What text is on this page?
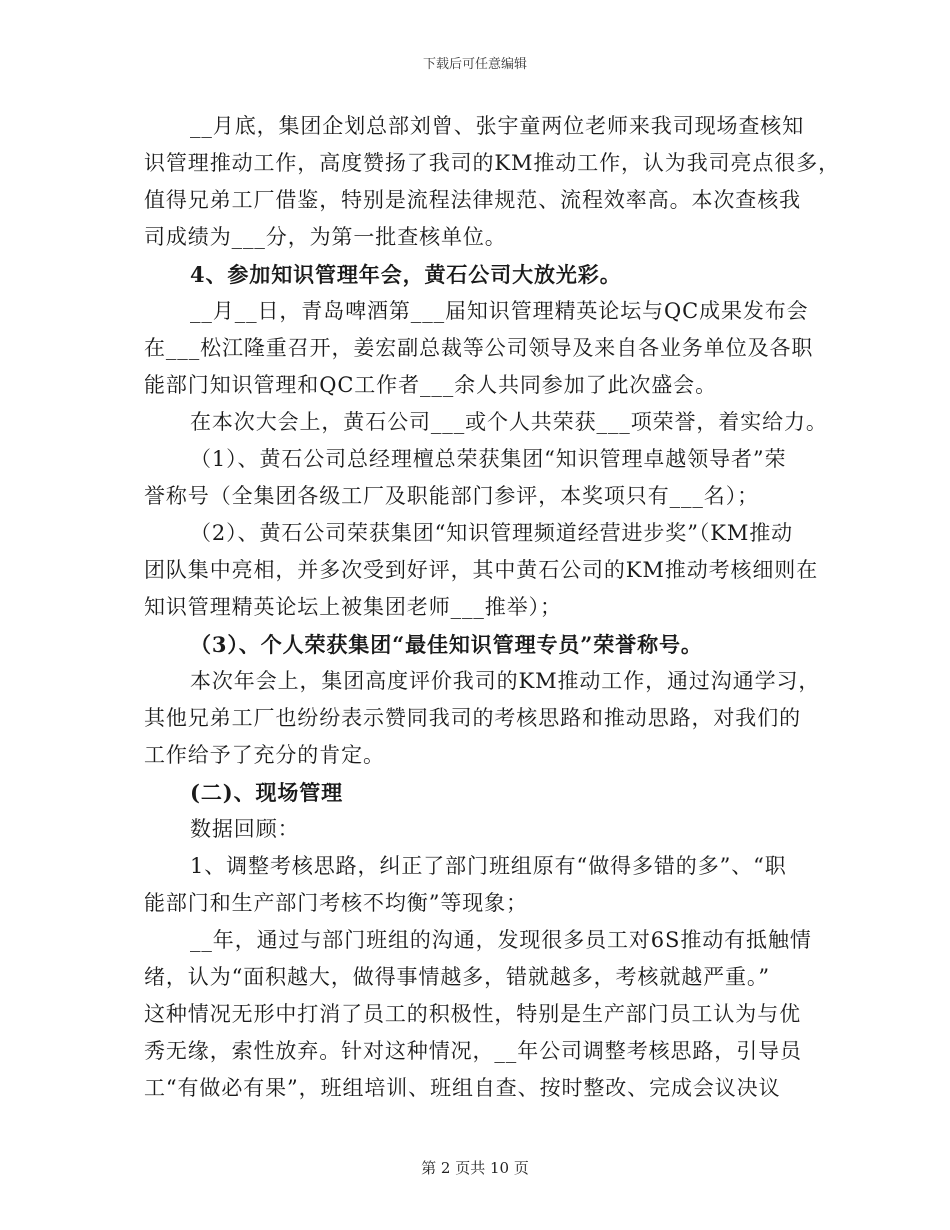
下载后可任意编辑
__月底，集团企划总部刘曾、张宇童两位老师来我司现场查核知
识管理推动工作，高度赞扬了我司的KM推动工作，认为我司亮点很多，
值得兄弟工厂借鉴，特别是流程法律规范、流程效率高。本次查核我
司成绩为___分，为第一批查核单位。
4、参加知识管理年会，黄石公司大放光彩。
__月__日，青岛啤酒第___届知识管理精英论坛与QC成果发布会
在___松江隆重召开，姜宏副总裁等公司领导及来自各业务单位及各职
能部门知识管理和QC工作者___余人共同参加了此次盛会。
在本次大会上，黄石公司___或个人共荣获___项荣誉，着实给力。
（1）、黄石公司总经理檀总荣获集团“知识管理卓越领导者”荣
誉称号（全集团各级工厂及职能部门参评，本奖项只有___名）；
（2）、黄石公司荣获集团“知识管理频道经营进步奖”（KM推动
团队集中亮相，并多次受到好评，其中黄石公司的KM推动考核细则在
知识管理精英论坛上被集团老师___推举）；
（3）、个人荣获集团“最佳知识管理专员”荣誉称号。
本次年会上，集团高度评价我司的KM推动工作，通过沟通学习，
其他兄弟工厂也纷纷表示赞同我司的考核思路和推动思路，对我们的
工作给予了充分的肯定。
(二)、现场管理
数据回顾：
1、调整考核思路，纠正了部门班组原有“做得多错的多”、“职
能部门和生产部门考核不均衡”等现象；
__年，通过与部门班组的沟通，发现很多员工对6S推动有抵触情
绪，认为“面积越大，做得事情越多，错就越多，考核就越严重。”
这种情况无形中打消了员工的积极性，特别是生产部门员工认为与优
秀无缘，索性放弃。针对这种情况，__年公司调整考核思路，引导员
工“有做必有果”，班组培训、班组自查、按时整改、完成会议决议
第 2 页共 10 页
